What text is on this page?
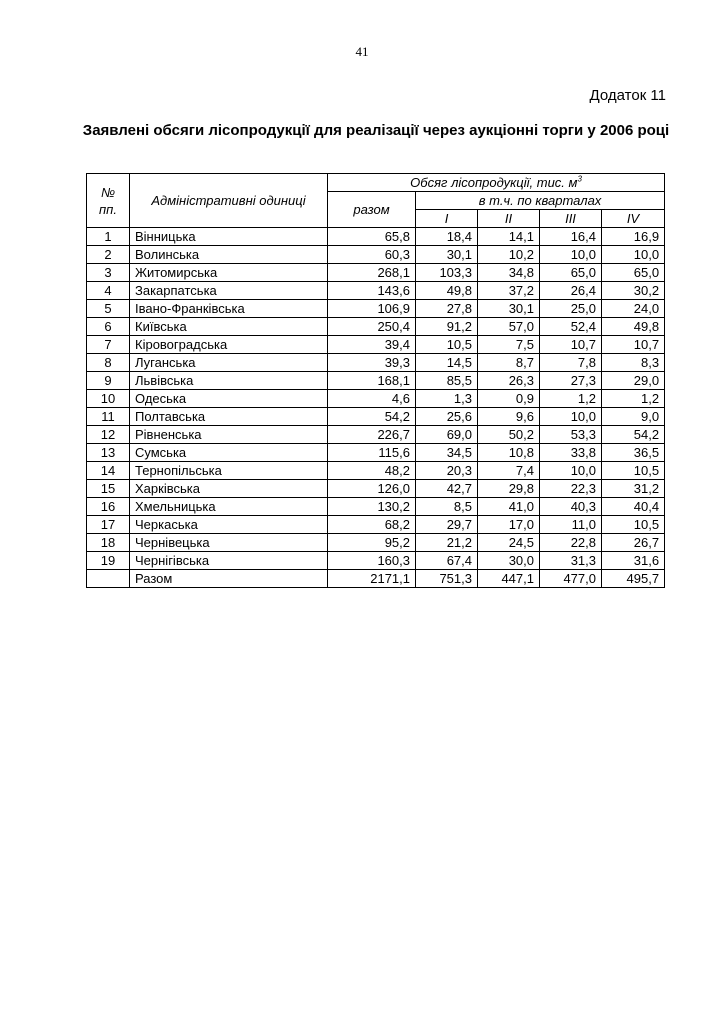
41
Додаток 11
Заявлені обсяги лісопродукції для реалізації через аукціонні торги у 2006 році
№
пп.	Адміністративні одиниці	Обсяг лісопродукції, тис. $м^3$
		разом	в т.ч. по кварталах			
			I	II	III	IV
1	Вінницька	65,8	18,4	14,1	16,4	16,9
2	Волинська	60,3	30,1	10,2	10,0	10,0
3	Житомирська	268,1	103,3	34,8	65,0	65,0
4	Закарпатська	143,6	49,8	37,2	26,4	30,2
5	Івано-Франківська	106,9	27,8	30,1	25,0	24,0
6	Київська	250,4	91,2	57,0	52,4	49,8
7	Кіровоградська	39,4	10,5	7,5	10,7	10,7
8	Луганська	39,3	14,5	8,7	7,8	8,3
9	Львівська	168,1	85,5	26,3	27,3	29,0
10	Одеська	4,6	1,3	0,9	1,2	1,2
11	Полтавська	54,2	25,6	9,6	10,0	9,0
12	Рівненська	226,7	69,0	50,2	53,3	54,2
13	Сумська	115,6	34,5	10,8	33,8	36,5
14	Тернопільська	48,2	20,3	7,4	10,0	10,5
15	Харківська	126,0	42,7	29,8	22,3	31,2
16	Хмельницька	130,2	8,5	41,0	40,3	40,4
17	Черкаська	68,2	29,7	17,0	11,0	10,5
18	Чернівецька	95,2	21,2	24,5	22,8	26,7
19	Чернігівська	160,3	67,4	30,0	31,3	31,6
	Разом	2171,1	751,3	447,1	477,0	495,7
